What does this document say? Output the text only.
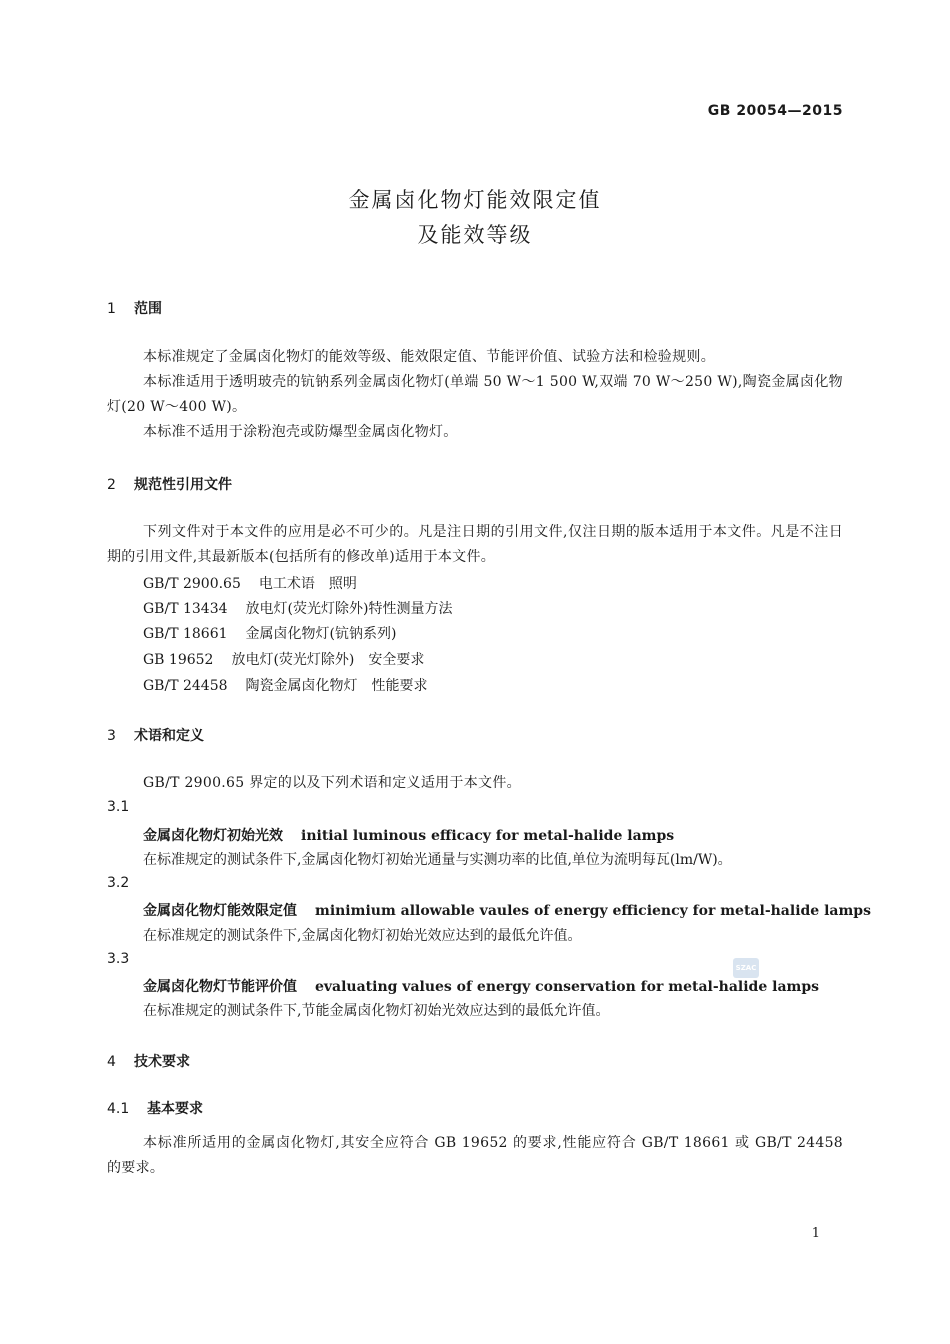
GB 20054—2015
金属卤化物灯能效限定值
及能效等级
1 范围
本标准规定了金属卤化物灯的能效等级、能效限定值、节能评价值、试验方法和检验规则。
本标准适用于透明玻壳的钪钠系列金属卤化物灯(单端 50 W～1 500 W,双端 70 W～250 W),陶瓷金属卤化物灯(20 W～400 W)。
本标准不适用于涂粉泡壳或防爆型金属卤化物灯。
2 规范性引用文件
下列文件对于本文件的应用是必不可少的。凡是注日期的引用文件,仅注日期的版本适用于本文件。凡是不注日期的引用文件,其最新版本(包括所有的修改单)适用于本文件。
GB/T 2900.65 电工术语　照明
GB/T 13434 放电灯(荧光灯除外)特性测量方法
GB/T 18661 金属卤化物灯(钪钠系列)
GB 19652 放电灯(荧光灯除外)　安全要求
GB/T 24458 陶瓷金属卤化物灯　性能要求
3 术语和定义
GB/T 2900.65 界定的以及下列术语和定义适用于本文件。
3.1
金属卤化物灯初始光效 initial luminous efficacy for metal-halide lamps
在标准规定的测试条件下,金属卤化物灯初始光通量与实测功率的比值,单位为流明每瓦(lm/W)。
3.2
金属卤化物灯能效限定值 minimium allowable vaules of energy efficiency for metal-halide lamps
在标准规定的测试条件下,金属卤化物灯初始光效应达到的最低允许值。
3.3
金属卤化物灯节能评价值 evaluating values of energy conservation for metal-halide lamps
在标准规定的测试条件下,节能金属卤化物灯初始光效应达到的最低允许值。
SZAC
4 技术要求
4.1 基本要求
本标准所适用的金属卤化物灯,其安全应符合 GB 19652 的要求,性能应符合 GB/T 18661 或 GB/T 24458 的要求。
1
